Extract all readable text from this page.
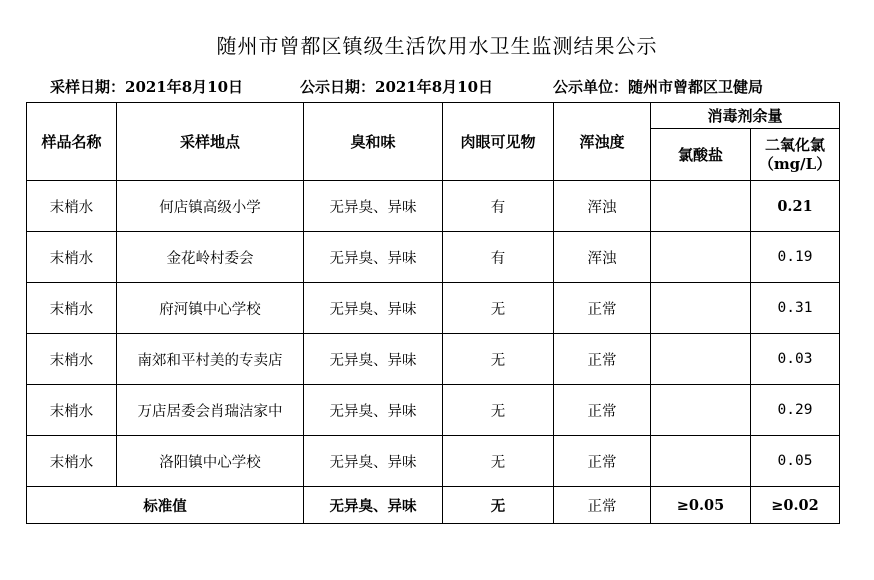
随州市曾都区镇级生活饮用水卫生监测结果公示
采样日期：2021年8月10日	公示日期：2021年8月10日	公示单位：随州市曾都区卫健局
样品名称	采样地点	臭和味	肉眼可见物	浑浊度	消毒剂余量	
					氯酸盐	二氧化氯
（mg/L）
末梢水	何店镇高级小学	无异臭、异味	有	浑浊		0.21
末梢水	金花岭村委会	无异臭、异味	有	浑浊		0.19
末梢水	府河镇中心学校	无异臭、异味	无	正常		0.31
末梢水	南郊和平村美的专卖店	无异臭、异味	无	正常		0.03
末梢水	万店居委会肖瑞洁家中	无异臭、异味	无	正常		0.29
末梢水	洛阳镇中心学校	无异臭、异味	无	正常		0.05
标准值		无异臭、异味	无	正常	≥0.05	≥0.02
